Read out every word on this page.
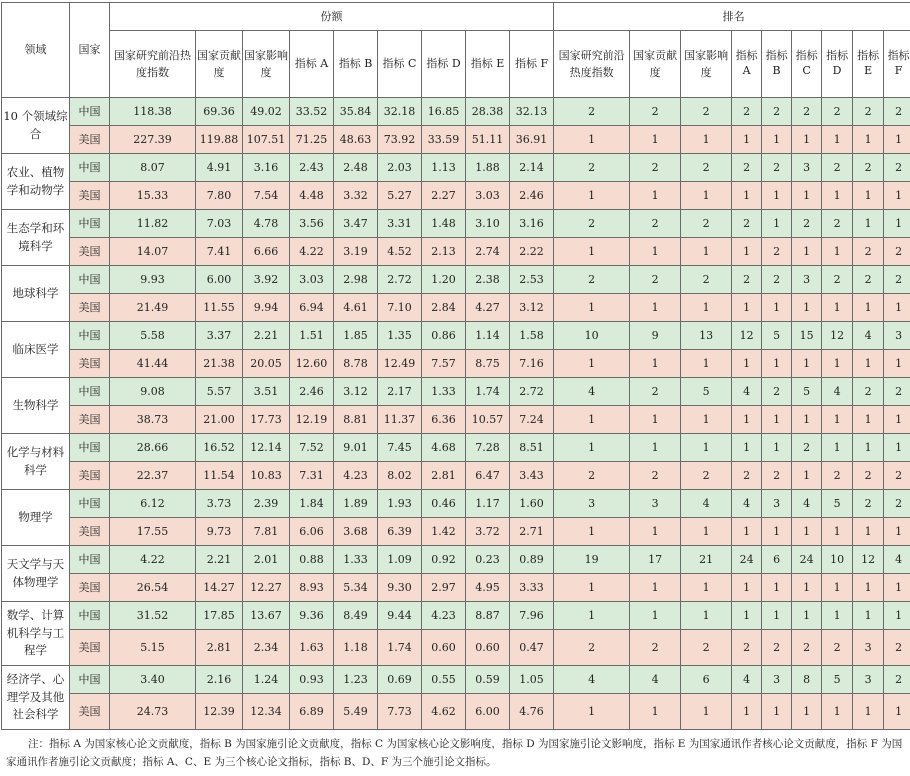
领域	国家	份额									排名								
		国家研究前沿热度指数	国家贡献度	国家影响度	指标 A	指标 B	指标 C	指标 D	指标 E	指标 F	国家研究前沿热度指数	国家贡献度	国家影响度	指标A	指标B	指标C	指标D	指标E	指标F
10 个领域综合	中国	118.38	69.36	49.02	33.52	35.84	32.18	16.85	28.38	32.13	2	2	2	2	2	2	2	2	2
	美国	227.39	119.88	107.51	71.25	48.63	73.92	33.59	51.11	36.91	1	1	1	1	1	1	1	1	1
农业、植物学和动物学	中国	8.07	4.91	3.16	2.43	2.48	2.03	1.13	1.88	2.14	2	2	2	2	2	3	2	2	2
	美国	15.33	7.80	7.54	4.48	3.32	5.27	2.27	3.03	2.46	1	1	1	1	1	1	1	1	1
生态学和环境科学	中国	11.82	7.03	4.78	3.56	3.47	3.31	1.48	3.10	3.16	2	2	2	2	1	2	2	1	1
	美国	14.07	7.41	6.66	4.22	3.19	4.52	2.13	2.74	2.22	1	1	1	1	2	1	1	2	2
地球科学	中国	9.93	6.00	3.92	3.03	2.98	2.72	1.20	2.38	2.53	2	2	2	2	2	3	2	2	2
	美国	21.49	11.55	9.94	6.94	4.61	7.10	2.84	4.27	3.12	1	1	1	1	1	1	1	1	1
临床医学	中国	5.58	3.37	2.21	1.51	1.85	1.35	0.86	1.14	1.58	10	9	13	12	5	15	12	4	3
	美国	41.44	21.38	20.05	12.60	8.78	12.49	7.57	8.75	7.16	1	1	1	1	1	1	1	1	1
生物科学	中国	9.08	5.57	3.51	2.46	3.12	2.17	1.33	1.74	2.72	4	2	5	4	2	5	4	2	2
	美国	38.73	21.00	17.73	12.19	8.81	11.37	6.36	10.57	7.24	1	1	1	1	1	1	1	1	1
化学与材料科学	中国	28.66	16.52	12.14	7.52	9.01	7.45	4.68	7.28	8.51	1	1	1	1	1	2	1	1	1
	美国	22.37	11.54	10.83	7.31	4.23	8.02	2.81	6.47	3.43	2	2	2	2	2	1	2	2	2
物理学	中国	6.12	3.73	2.39	1.84	1.89	1.93	0.46	1.17	1.60	3	3	4	4	3	4	5	2	2
	美国	17.55	9.73	7.81	6.06	3.68	6.39	1.42	3.72	2.71	1	1	1	1	1	1	1	1	1
天文学与天体物理学	中国	4.22	2.21	2.01	0.88	1.33	1.09	0.92	0.23	0.89	19	17	21	24	6	24	10	12	4
	美国	26.54	14.27	12.27	8.93	5.34	9.30	2.97	4.95	3.33	1	1	1	1	1	1	1	1	1
数学、计算机科学与工程学	中国	31.52	17.85	13.67	9.36	8.49	9.44	4.23	8.87	7.96	1	1	1	1	1	1	1	1	1
	美国	5.15	2.81	2.34	1.63	1.18	1.74	0.60	0.60	0.47	2	2	2	2	2	2	2	3	2
经济学、心理学及其他社会科学	中国	3.40	2.16	1.24	0.93	1.23	0.69	0.55	0.59	1.05	4	4	6	4	3	8	5	3	2
	美国	24.73	12.39	12.34	6.89	5.49	7.73	4.62	6.00	4.76	1	1	1	1	1	1	1	1	1
注：指标 A 为国家核心论文贡献度，指标 B 为国家施引论文贡献度，指标 C 为国家核心论文影响度，指标 D 为国家施引论文影响度，指标 E 为国家通讯作者核心论文贡献度，指标 F 为国家通讯作者施引论文贡献度；指标 A、C、E 为三个核心论文指标，指标 B、D、F 为三个施引论文指标。
